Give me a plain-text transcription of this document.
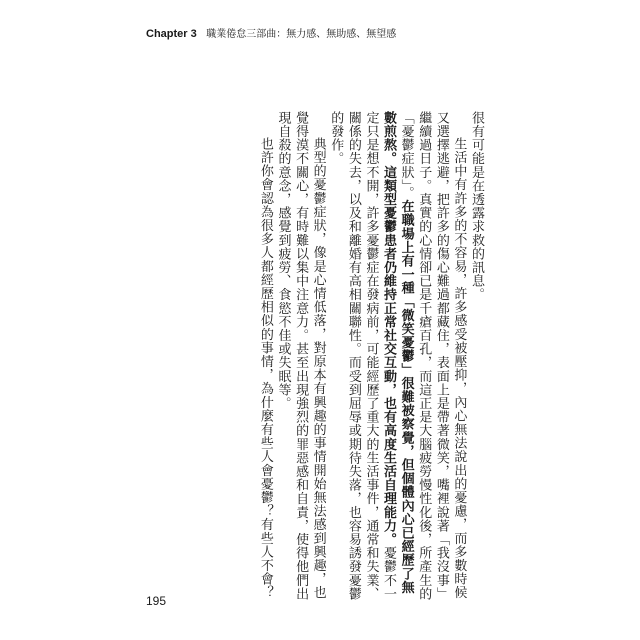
Chapter 3 職業倦怠三部曲：無力感、無助感、無望感

很有可能是在透露求救的訊息。

生活中有許多的不容易，許多感受被壓抑，內心無法說出的憂慮，而多數時候又選擇逃避，把許多的傷心難過都藏住，表面上是帶著微笑，嘴裡說著「我沒事」繼續過日子。真實的心情卻已是千瘡百孔，而這正是大腦疲勞慢性化後，所產生的「憂鬱症狀」。在職場上有一種「微笑憂鬱」很難被察覺，但個體內心已經歷了無數煎熬。這類型憂鬱患者仍維持正常社交互動，也有高度生活自理能力。憂鬱不一定只是想不開，許多憂鬱症在發病前，可能經歷了重大的生活事件，通常和失業、關係的失去，以及和離婚有高相關聯性。而受到屈辱或期待失落，也容易誘發憂鬱的發作。

典型的憂鬱症狀，像是心情低落，對原本有興趣的事情開始無法感到興趣，也覺得漠不關心，有時難以集中注意力。甚至出現強烈的罪惡感和自責，使得他們出現自殺的意念，感覺到疲勞、食慾不佳或失眠等。

也許你會認為很多人都經歷相似的事情，為什麼有些人會憂鬱？有些人不會？

195
